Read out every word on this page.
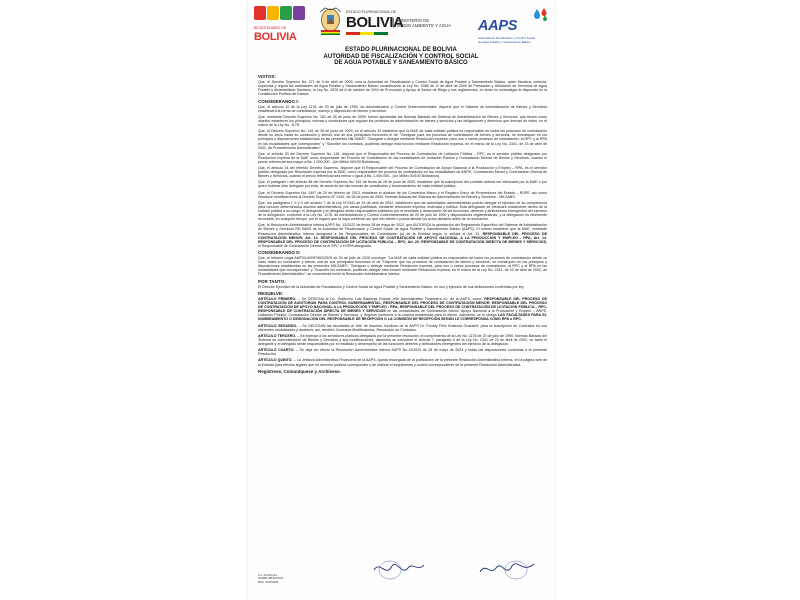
BICENTENARIO DE
BOLIVIA
ESTADO PLURINACIONAL DE
BOLIVIA
MINISTERIO DE
MEDIO AMBIENTE Y AGUA AAPS
Autoridad de Fiscalización y Control Social
de Agua Potable y Saneamiento Básico
ESTADO PLURINACIONAL DE BOLIVIA
AUTORIDAD DE FISCALIZACIÓN Y CONTROL SOCIAL
DE AGUA POTABLE Y SANEAMIENTO BÁSICO
VISTOS:

Que, el Decreto Supremo No. 071 de 9 de abril de 2009, crea la Autoridad de Fiscalización y Control Social de Agua Potable y Saneamiento Básico, quien fiscaliza, controla, supervisa y regula las actividades de Agua Potable y Saneamiento Básico considerando la Ley No. 2066 de 11 de abril de 2000 de Prestación y Utilización de Servicios de Agua Potable y Alcantarillado Sanitario, la Ley No. 2878 de 8 de octubre de 2004 de Promoción y Apoyo al Sector de Riego y sus reglamentos, en tanto no contradigan lo dispuesto en la Constitución Política del Estado.

CONSIDERANDO I:

Que, el artículo 10 de la Ley 1178, de 20 de julio de 1990, de Administración y Control Gubernamentales, dispone que el Sistema de Administración de Bienes y Servicios establecerá la forma de contratación, manejo y disposición de bienes y servicios.

Que, mediante Decreto Supremo No. 181 de 28 de junio de 2009, fueron aprobadas las Normas Básicas del Sistema de Administración de Bienes y Servicios, que tienen como objetivo establecer los principios, normas y condiciones que regulan los procesos de administración de bienes y servicios y las obligaciones y derechos que derivan de éstos, en el marco de la Ley No. 1178.

Que, el Decreto Supremo No. 181 de 28 de junio de 2009, en el artículo 32 establece que la MAE de cada entidad pública es responsable de todos los procesos de contratación desde su inicio hasta su conclusión y siendo una de sus principales funciones el de: "Designar para los procesos de contratación de bienes y servicios, se enmarquen en los principios y disposiciones establecidas en las presentes NB-SABS"; "Designar o delegar mediante Resolución expresa, para uno o varios procesos de contratación, al RPC y al RPA en las modalidades que corresponden" y "Suscribir los contratos, pudiendo delegar esta función mediante Resolución expresa, en el marco de la Ley No. 2341, de 23 de abril de 2002, de Procedimiento Administrativo".

Que, el artículo 33 del Decreto Supremo No. 181, dispone que el Responsable del Proceso de Contratación de Licitación Pública – RPC, es el servidor público designado por Resolución expresa de la MAE como responsable del Proceso de Contratación en las modalidades de Licitación Pública y Contratación Directa de Bienes y Servicios, cuando el precio referencial sea mayor a Bs. 1.000.000.- (Un Millón 00/100 Bolivianos).

Que, el artículo 34 del referido Decreto Supremo, dispone que el Responsable del Proceso de Contratación de Apoyo Nacional a la Producción y Empleo – RPA, es el servidor público designado por Resolución expresa por la MAE, como responsable del proceso de contratación en las modalidades de ANPE, Contratación Menor y Contratación Directa de Bienes y Servicios, cuando el precio referencial sea menor o igual a Bs. 1.000.000.- (Un Millón 00/100 Bolivianos).

Que, el parágrafo I del artículo 88 del Decreto Supremo No. 181 de fecha de 28 de junio de 2009, establece que la suscripción del contrato deberá ser efectuada por la MAE o por quien hubiese sido delegado por ésta, de acuerdo con las normas de constitución y funcionamiento de cada entidad pública.

Que, el Decreto Supremo No. 1497 de 20 de febrero de 2013, establece el alcance de los Convenios Marco y el Registro Único de Proveedores del Estado – RUPE, así como introduce modificaciones al Decreto Supremo N° 0181, de 28 de junio de 2009, Normas Básicas del Sistema de Administración de Bienes y Servicios - NB-SABS.

Que, los parágrafos I, II y V del artículo 7 de la Ley N°2341 de 23 de abril de 2002, establecen que las autoridades administrativas podrán delegar el ejercicio de su competencia para conocer determinados asuntos administrativos, por causa justificada, mediante resolución expresa, motivada y pública. Esta delegación se efectuará únicamente dentro de la entidad pública a su cargo; el delegante y el delegado serán responsables solidarios por el resultado y desempeño de las funciones, deberes y atribuciones emergentes del ejercicio de la delegación, conforme a la Ley No. 1178, de Administración y Control Gubernamentales de 20 de julio de 1990 y disposiciones reglamentarias; y la delegación es libremente revocable; en cualquier tiempo, por el órgano que la haya conferido sin que ello afecte o pueda afectar los actos dictados antes de la revocación.

Que, la Resolución Administrativa Interna AAPS No. 13/2022 de fecha 28 de mayo de 2022, que AUTORIZA la aprobación del Reglamento Específico del Sistema de Administración de Bienes y Servicios RE-SABS de la Autoridad de Fiscalización y Control Social de Agua Potable y Saneamiento Básico (AAPS). El mismo establece que la MAE, mediante Resolución Administrativa Interna designará a los Responsables de Contratación (o) de la Entidad según lo señala el Art. 10. RESPONSABLE DEL PROCESO DE CONTRATACIÓN MENOR; Art. 12. RESPONSABLE DEL PROCESO DE CONTRATACIÓN DE APOYO NACIONAL A LA PRODUCCIÓN Y EMPLEO - RPA; Art. 14. RESPONSABLE DEL PROCESO DE CONTRATACIÓN DE LICITACIÓN PÚBLICA – RPC; Art. 20. RESPONSABLE DE CONTRATACIÓN DIRECTA DE BIENES Y SERVICIOS, el Responsable de Contratación Directa es el RPC o el RPA designado.

CONSIDERANDO II:

Que, el Informe Legal AAPS/UJ/INF/362/2025 de 30 de julio de 2025 concluye: "La MAE de cada entidad pública es responsable de todos los procesos de contratación desde su inicio hasta su conclusión y siendo una de sus principales funciones el de "Disponer que los procesos de contratación de bienes y servicios, se enmarquen en los principios y disposiciones establecidas en las presentes NB-SABS"; "Designar o delegar mediante Resolución expresa, para uno o varios procesos de contratación, al RPC y al RPA en las modalidades que correspondan" y "Suscribir los contratos, pudiendo delegar esta función mediante Resolución expresa, en el marco de la Ley No. 2341, de 23 de abril de 2002, de Procedimiento Administrativo"; se recomienda emitir la Resolución Administrativa Interna.

POR TANTO:

El Director Ejecutivo de la Autoridad de Fiscalización y Control Social de Agua Potable y Saneamiento Básico, en uso y ejercicio de sus atribuciones conferidas por ley;

RESUELVE:

ARTÍCULO PRIMERO. – Se DESIGNA al Lic. Guillermo Luis Balderas Erabas Jefe Administrativo Financiero a.i. de la AAPS, como: RESPONSABLE DEL PROCESO DE CONTRATACIÓN DE AUDITORÍAS PARA CONTROL GUBERNAMENTAL, RESPONSABLE DEL PROCESO DE CONTRATACIÓN MENOR; RESPONSABLE DEL PROCESO DE CONTRATACIÓN DE APOYO NACIONAL A LA PRODUCCIÓN Y EMPLEO - RPA; RESPONSABLE DEL PROCESO DE CONTRATACIÓN DE LICITACIÓN PÚBLICA – RPC, RESPONSABLE DE CONTRATACIÓN DIRECTA DE BIENES Y SERVICIOS en las modalidades de Contratación Menor, Apoyo Nacional a la Producción y Empleo – ANPE, Licitación Pública, Contratación Directa de Bienes y Servicios, y Seguros conforme a la cuantía establecida para el efecto. Asimismo, se le otorga LAS FACULTADES PARA EL NOMBRAMIENTO O DESIGNACIÓN DEL RESPONSABLE DE RECEPCIÓN O LA COMISIÓN DE RECEPCIÓN SEGÚN LE CORRESPONDA COMO RPA o RPC.

ARTÍCULO SEGUNDO. – Se DELEGAN las facultades al Jefe de Asuntos Jurídicos de la AAPS Dr. Freddy Felix Bustinza Guarachi; para la suscripción de Contratos en sus diferentes modalidades y alcances, así, también Contratos Modificatorios, Resolución de Contratos.

ARTÍCULO TERCERO. – Se instruye a los servidores públicos delegados por la presente resolución, el cumplimiento de la Ley No. 1178 de 20 de julio de 1990, Normas Básicas del Sistema de Administración de Bienes y Servicios y sus modificaciones, asimismo se considere el artículo 7, parágrafo II de la Ley No. 2341 de 23 de abril de 2002, en tanto el delegante y el delegado serán responsables por el resultado y desempeño de las funciones deberes y atribuciones emergentes del ejercicio de la delegación.

ARTÍCULO CUARTO. – Se deja sin efecto la Resolución Administrativa Interna AAPS No.12/2024 de 28 de mayo de 2024 y todas las disposiciones contrarias a la presente Resolución.

ARTÍCULO QUINTO. – La Jefatura Administrativa Financiera de la AAPS, queda encargada de la publicación de la presente Resolución Administrativa Interna, en la página web de la Entidad para efectos legales que en derecho pudiera corresponder y de realizar el seguimiento y control correspondiente de la presente Resolución Administrativa.

Regístrese, Comuníquese y Archívese.
C.c. Archivo/AJ
GWMB /FB/FH/ACH
RTE. 7025/2025
